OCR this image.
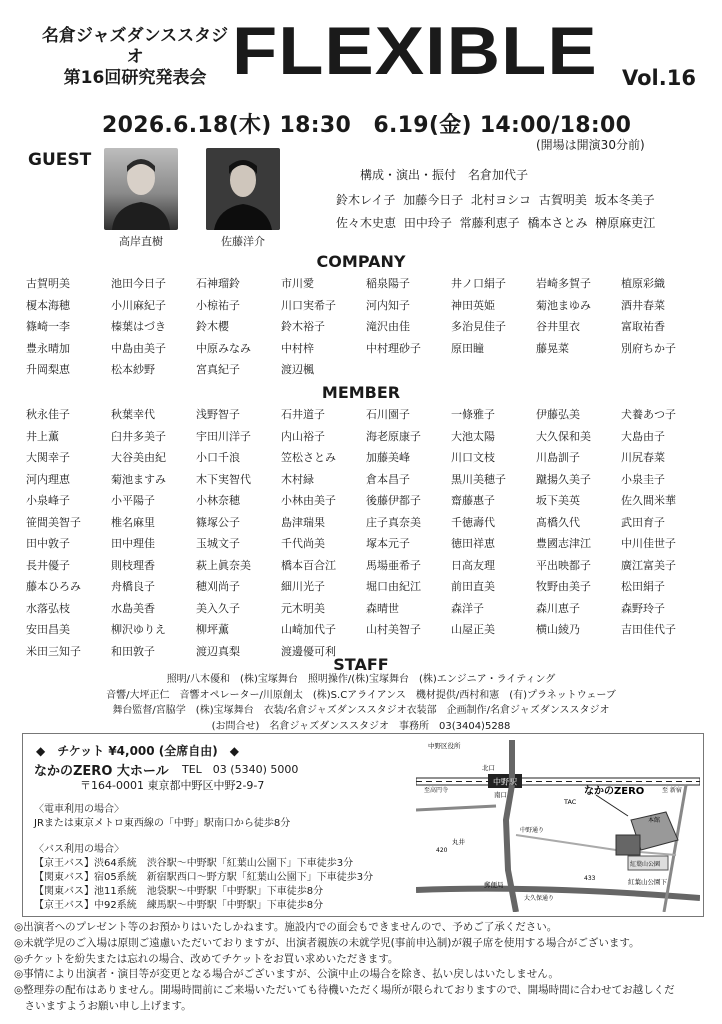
名倉ジャズダンススタジオ
第16回研究発表会 FLEXIBLE Vol.16
2026.6.18(木) 18:30　6.19(金) 14:00/18:00
(開場は開演30分前)
GUEST
高岸直樹	佐藤洋介
構成・演出・振付　名倉加代子
鈴木レイ子 加藤今日子 北村ヨシコ 古賀明美 坂本冬美子
佐々木史恵 田中玲子 常藤利恵子 橋本さとみ 榊原麻吏江
COMPANY
古賀明美	池田今日子	石神瑠鈴	市川愛	稲泉陽子	井ノ口絹子	岩崎多賀子	植原彩織
榎本海穂	小川麻紀子	小椋祐子	川口実希子	河内知子	神田英姫	菊池まゆみ	酒井春菜
篠崎一李	榛葉はづき	鈴木櫻	鈴木裕子	滝沢由佳	多治見佳子	谷井里衣	富取祐香
豊永晴加	中島由美子	中原みなみ	中村梓	中村理砂子	原田瞳	藤晃菜	別府ちか子
升岡梨恵	松本紗野	宮真紀子	渡辺楓
MEMBER
秋永佳子	秋葉幸代	浅野智子	石井道子	石川園子	一條雅子	伊藤弘美	犬養あつ子
井上薫	臼井多美子	宇田川洋子	内山裕子	海老原康子	大池太陽	大久保和美	大島由子
大関幸子	大谷美由紀	小口千浪	笠松さとみ	加藤美峰	川口文枝	川島訓子	川尻春菜
河内理恵	菊池ますみ	木下実智代	木村緑	倉本昌子	黒川美穂子	蹴揚久美子	小泉圭子
小泉峰子	小平陽子	小林奈穂	小林由美子	後藤伊都子	齋藤惠子	坂下美英	佐久間米華
笹間美智子	椎名麻里	篠塚公子	島津瑞果	庄子真奈美	千徳壽代	髙橋久代	武田育子
田中敦子	田中理佳	玉城文子	千代尚美	塚本元子	徳田祥恵	豊國志津江	中川佳世子
長井優子	則枝理香	萩上眞奈美	橋本百合江	馬場亜希子	日高友理	平出映都子	廣江富美子
藤本ひろみ	舟橋良子	穂刈尚子	細川光子	堀口由紀江	前田直美	牧野由美子	松田絹子
水落弘枝	水島美香	美入久子	元木明美	森晴世	森洋子	森川恵子	森野玲子
安田昌美	柳沢ゆりえ	柳坪薫	山崎加代子	山村美智子	山屋正美	横山綾乃	吉田佳代子
米田三知子	和田敦子	渡辺真梨	渡邊優可利
STAFF
照明/八木優和　(株)宝塚舞台　照明操作/(株)宝塚舞台　(株)エンジニア・ライティング
音響/大坪正仁　音響オペレーター/川原創太　(株)S.Cアライアンス　機材提供/西村和憲　(有)プラネットウェーブ
舞台監督/宮脇学　(株)宝塚舞台　衣装/名倉ジャズダンススタジオ衣装部　企画制作/名倉ジャズダンススタジオ
(お問合せ)　名倉ジャズダンススタジオ　事務所　03(3404)5288
◆　チケット ¥4,000 (全席自由)　◆
なかのZERO 大ホール TEL　03 (5340) 5000
〒164-0001 東京都中野区中野2-9-7
〈電車利用の場合〉
JRまたは東京メトロ東西線の「中野」駅南口から徒歩8分
〈バス利用の場合〉
【京王バス】渋64系統　渋谷駅～中野駅「紅葉山公園下」下車徒歩3分
【関東バス】宿05系統　新宿駅西口～野方駅「紅葉山公園下」下車徒歩3分
【関東バス】池11系統　池袋駅～中野駅「中野駅」下車徒歩8分
【京王バス】中92系統　練馬駅～中野駅「中野駅」下車徒歩8分
中野駅
中野区役所
北口
南口
至高円寺	至 新宿
TAC
丸井
中野通り
なかのZERO
本館
紅葉山公園
郵便局
大久保通り
紅葉山公園下
420
433
◎出演者へのプレゼント等のお預かりはいたしかねます。施設内での面会もできませんので、予めご了承ください。
◎未就学児のご入場は原則ご遠慮いただいておりますが、出演者親族の未就学児(事前申込制)が親子席を使用する場合がございます。
◎チケットを紛失または忘れの場合、改めてチケットをお買い求めいただきます。
◎事情により出演者・演目等が変更となる場合がございますが、公演中止の場合を除き、払い戻しはいたしません。
◎整理券の配布はありません。開場時間前にご来場いただいても待機いただく場所が限られておりますので、開場時間に合わせてお越しくだ
　さいますようお願い申し上げます。
